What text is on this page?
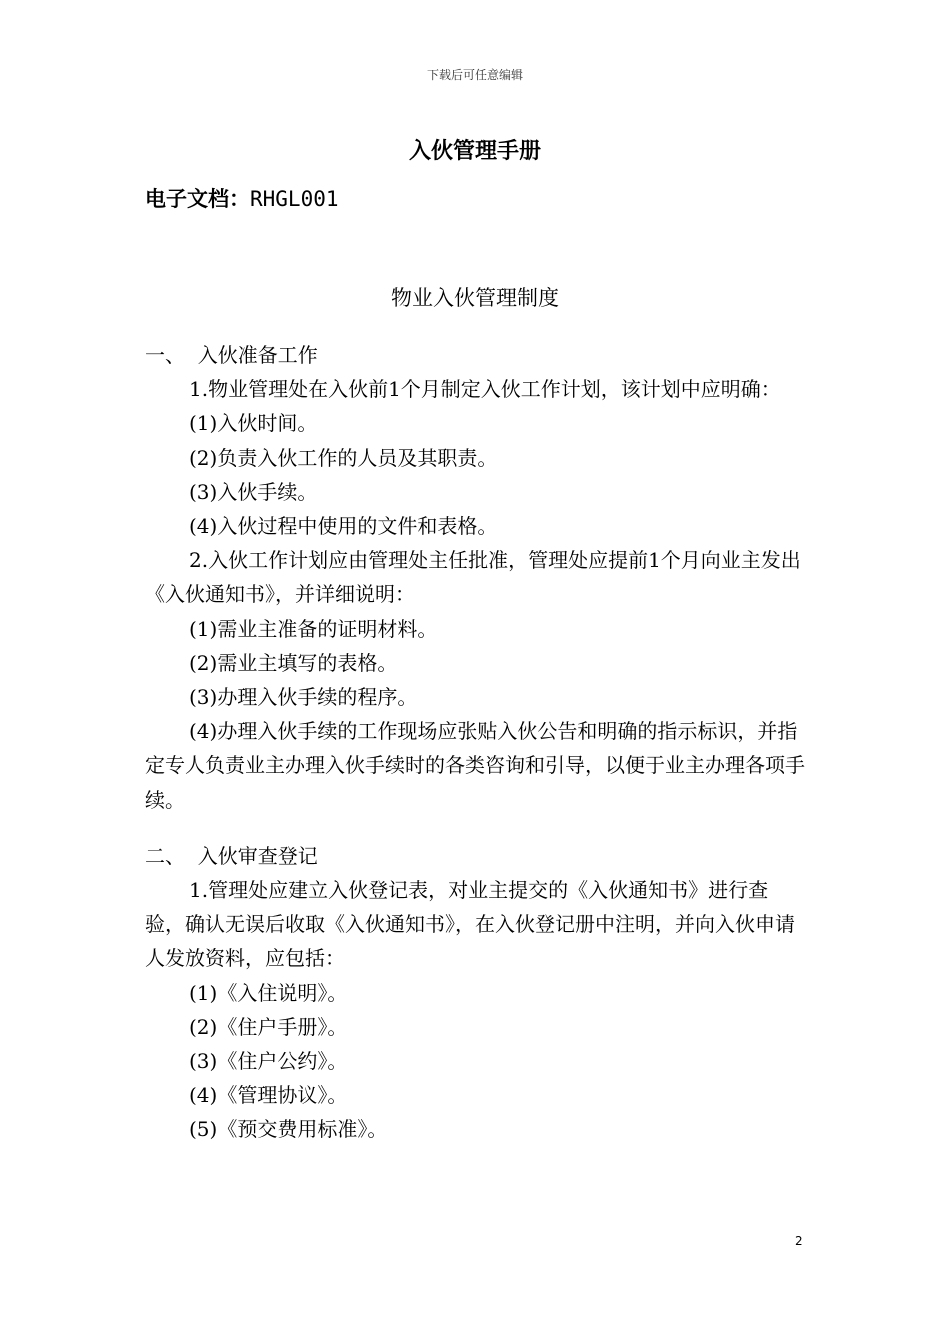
下载后可任意编辑
入伙管理手册
电子文档：RHGL001
物业入伙管理制度

一、  入伙准备工作

1.物业管理处在入伙前1个月制定入伙工作计划，该计划中应明确：

(1)入伙时间。

(2)负责入伙工作的人员及其职责。

(3)入伙手续。

(4)入伙过程中使用的文件和表格。

2.入伙工作计划应由管理处主任批准，管理处应提前1个月向业主发出《入伙通知书》，并详细说明：

(1)需业主准备的证明材料。

(2)需业主填写的表格。

(3)办理入伙手续的程序。

(4)办理入伙手续的工作现场应张贴入伙公告和明确的指示标识，并指定专人负责业主办理入伙手续时的各类咨询和引导，以便于业主办理各项手续。

二、  入伙审查登记

1.管理处应建立入伙登记表，对业主提交的《入伙通知书》进行查验，确认无误后收取《入伙通知书》，在入伙登记册中注明，并向入伙申请人发放资料，应包括：

(1)《入住说明》。

(2)《住户手册》。

(3)《住户公约》。

(4)《管理协议》。

(5)《预交费用标准》。

2
